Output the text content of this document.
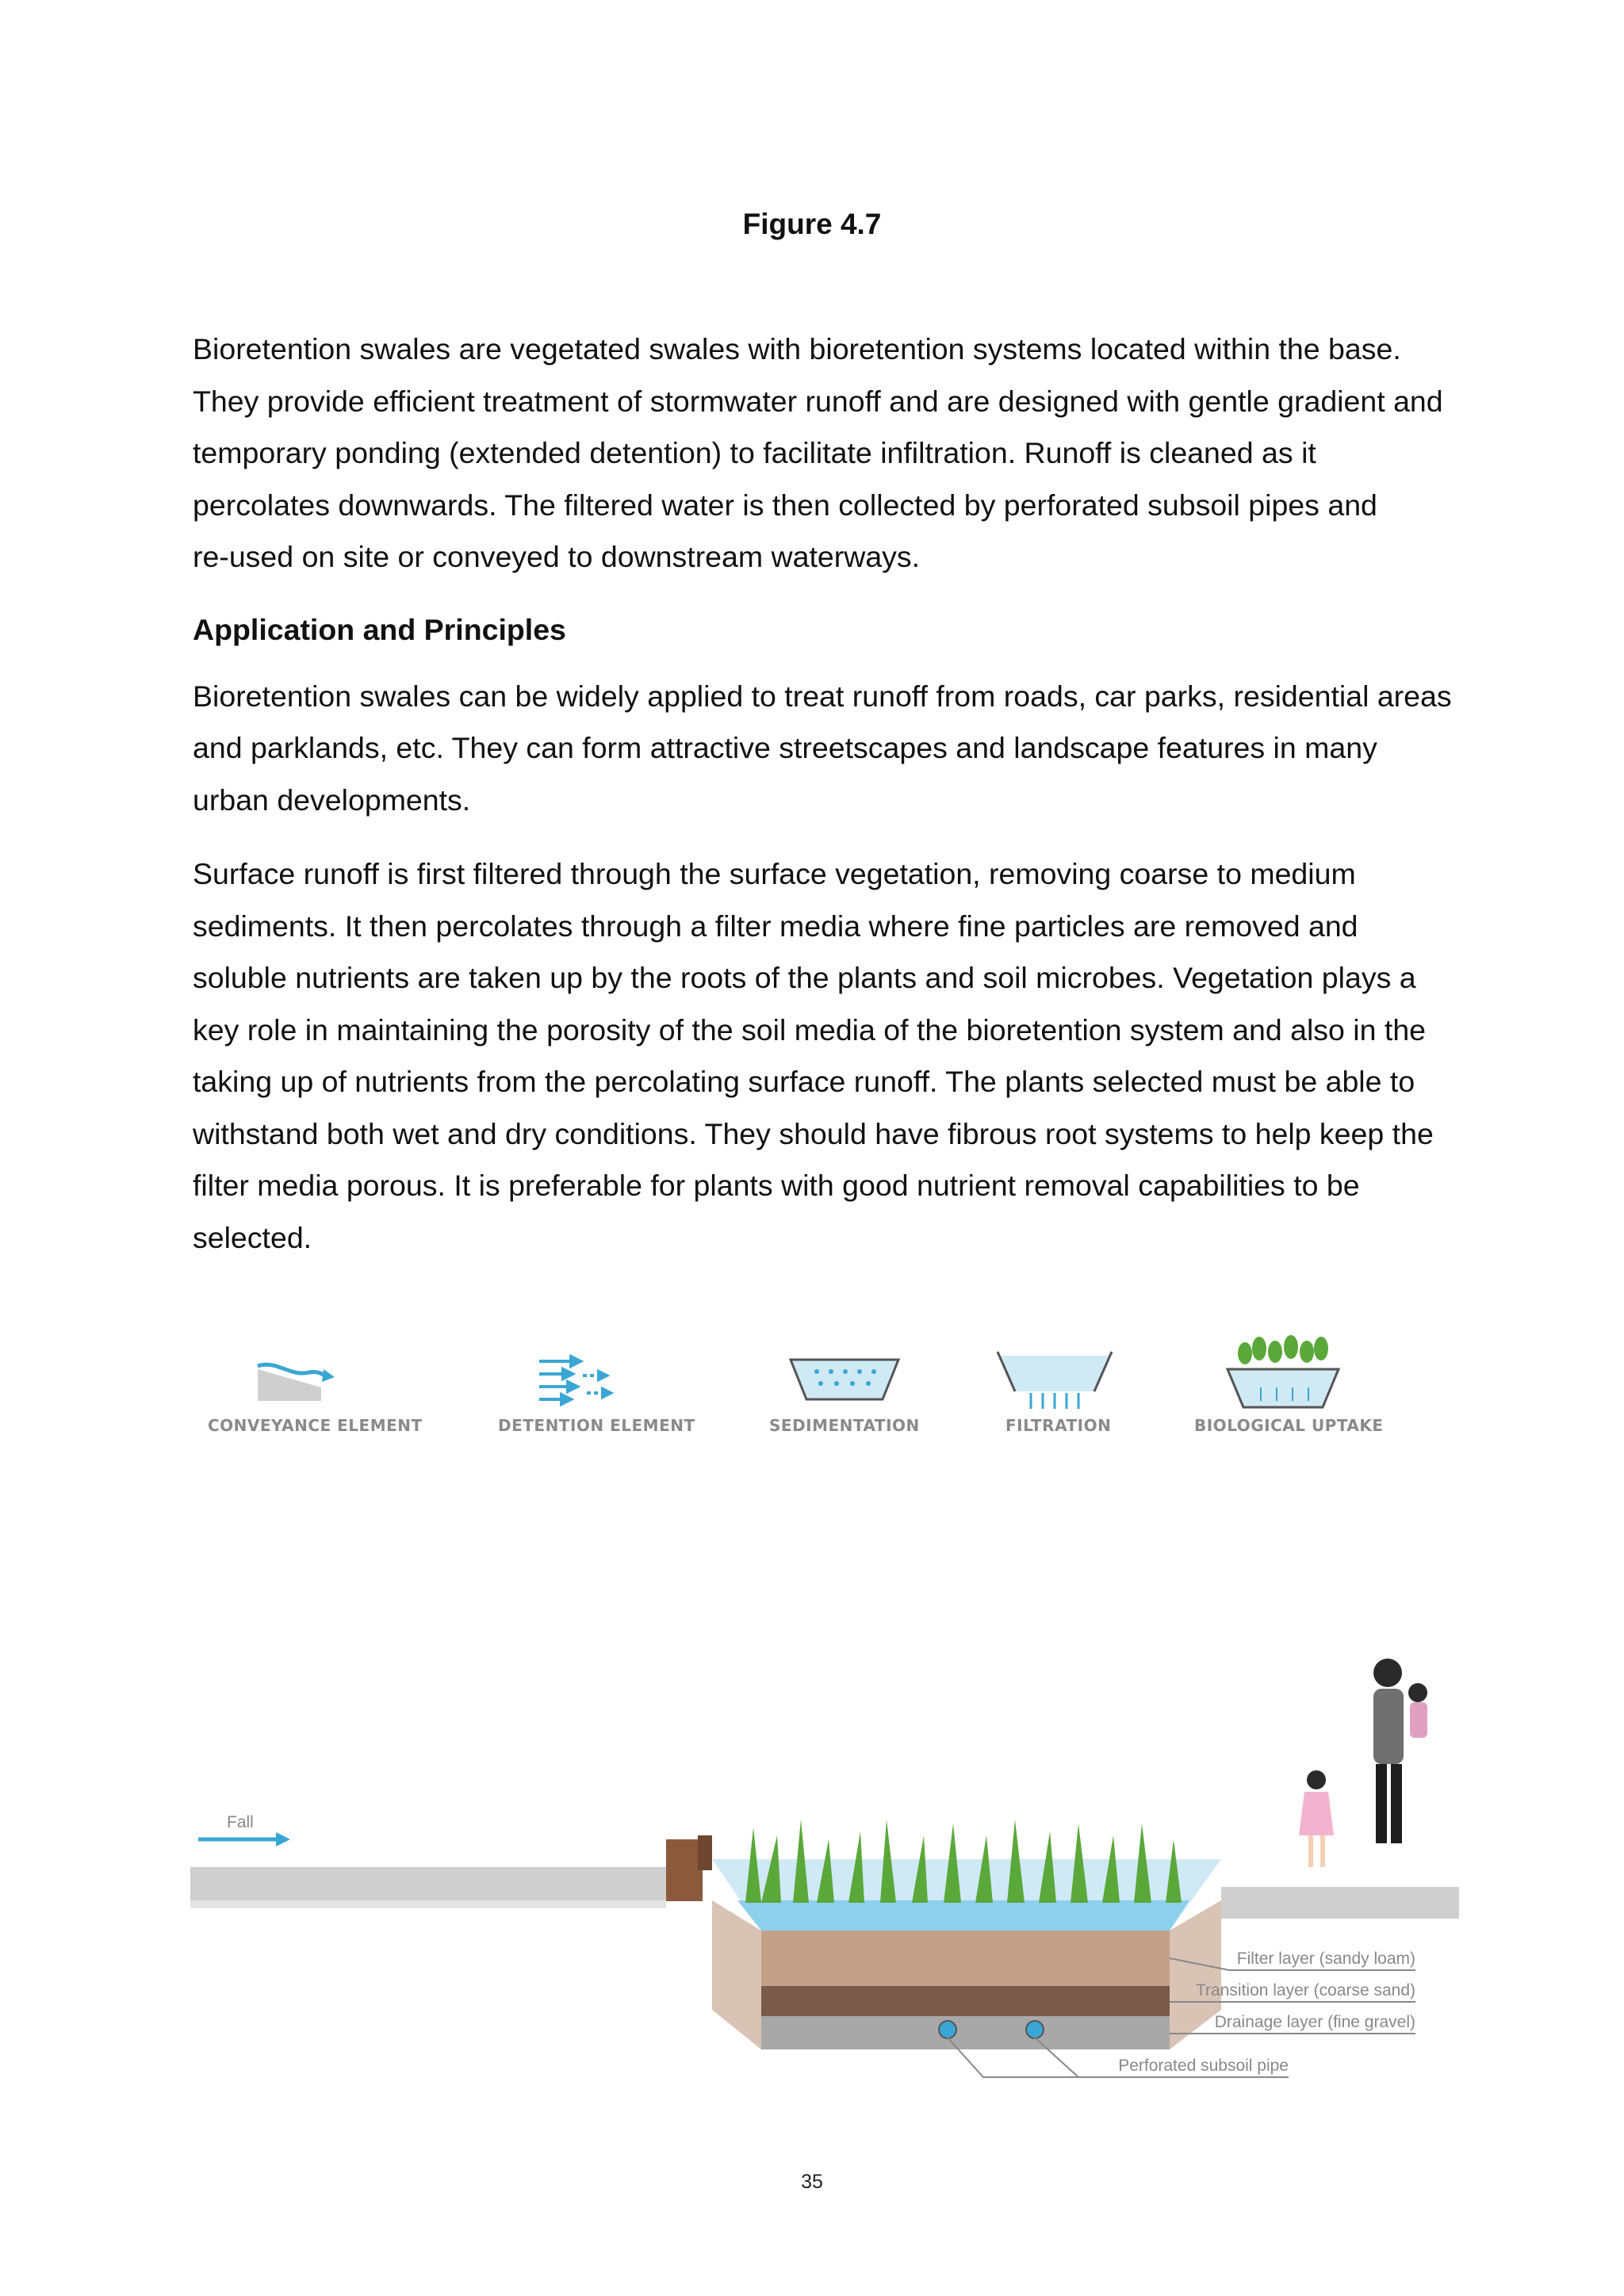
Figure 4.7

Bioretention swales are vegetated swales with bioretention systems located within the base.
They provide efficient treatment of stormwater runoff and are designed with gentle gradient and
temporary ponding (extended detention) to facilitate infiltration. Runoff is cleaned as it
percolates downwards. The filtered water is then collected by perforated subsoil pipes and
re-used on site or conveyed to downstream waterways.

Application and Principles

Bioretention swales can be widely applied to treat runoff from roads, car parks, residential areas
and parklands, etc. They can form attractive streetscapes and landscape features in many
urban developments.

Surface runoff is first filtered through the surface vegetation, removing coarse to medium
sediments. It then percolates through a filter media where fine particles are removed and
soluble nutrients are taken up by the roots of the plants and soil microbes. Vegetation plays a
key role in maintaining the porosity of the soil media of the bioretention system and also in the
taking up of nutrients from the percolating surface runoff. The plants selected must be able to
withstand both wet and dry conditions. They should have fibrous root systems to help keep the
filter media porous. It is preferable for plants with good nutrient removal capabilities to be
selected.

CONVEYANCE ELEMENT	DETENTION ELEMENT	SEDIMENTATION	FILTRATION	BIOLOGICAL UPTAKE
Fall
Filter layer (sandy loam)
Transition layer (coarse sand)
Drainage layer (fine gravel)
Perforated subsoil pipe
35
